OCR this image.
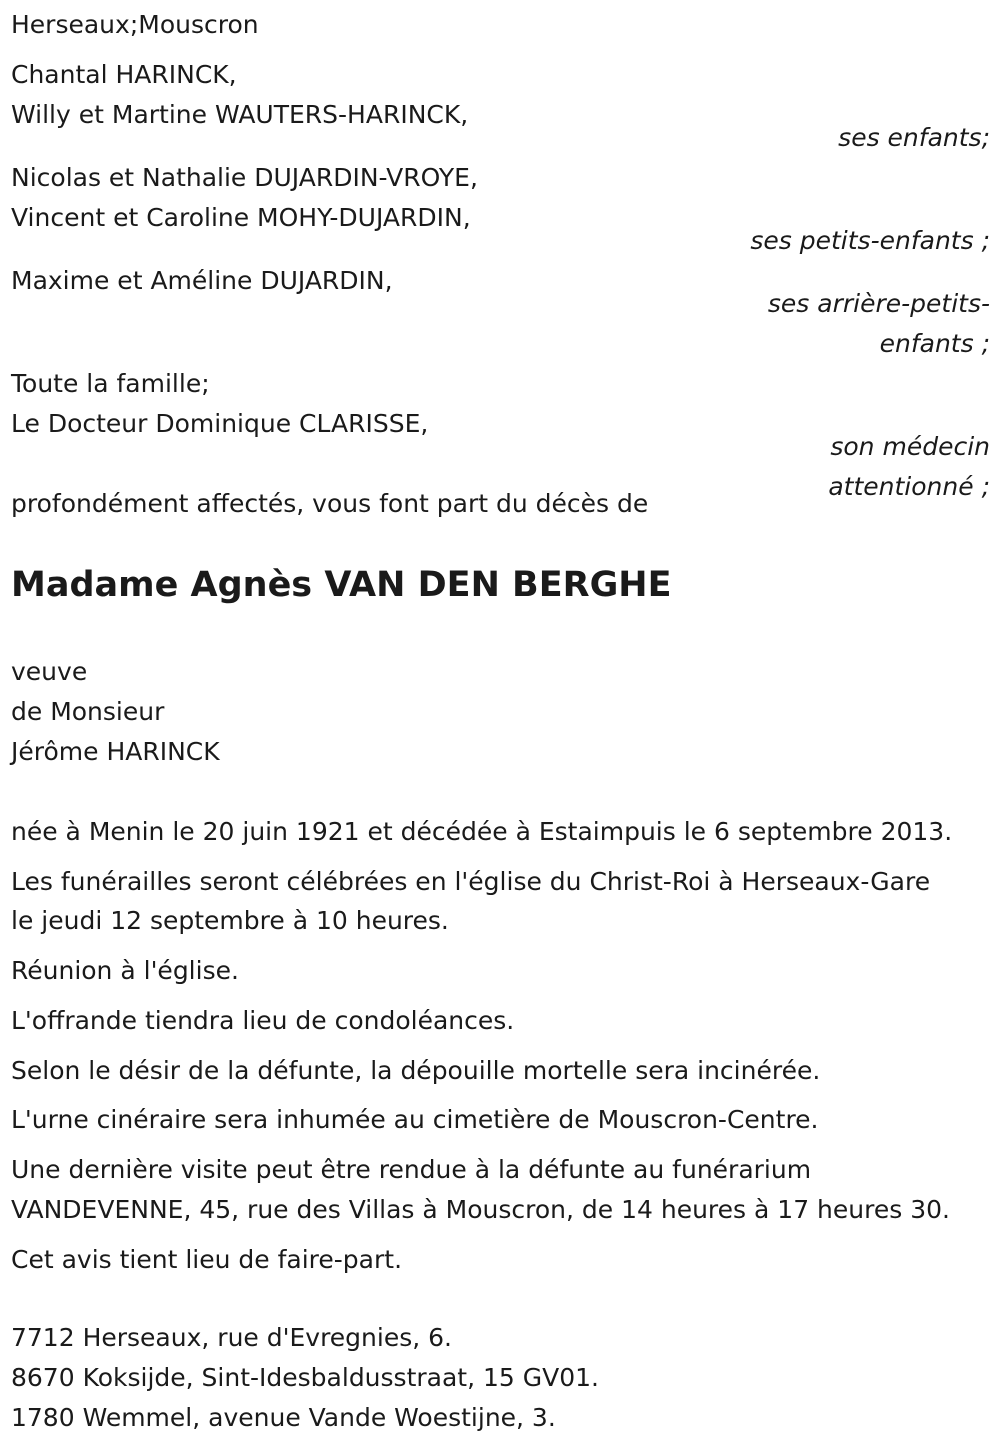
Herseaux;Mouscron
Chantal HARINCK,
Willy et Martine WAUTERS-HARINCK,
ses enfants;
Nicolas et Nathalie DUJARDIN-VROYE,
Vincent et Caroline MOHY-DUJARDIN,
ses petits-enfants ;
Maxime et Améline DUJARDIN,
ses arrière-petits-
enfants ;
Toute la famille;
Le Docteur Dominique CLARISSE,
son médecin
attentionné ;
profondément affectés, vous font part du décès de
Madame Agnès VAN DEN BERGHE
veuve
de Monsieur
Jérôme HARINCK
née à Menin le 20 juin 1921 et décédée à Estaimpuis le 6 septembre 2013.
Les funérailles seront célébrées en l'église du Christ-Roi à Herseaux-Gare
le jeudi 12 septembre à 10 heures.
Réunion à l'église.
L'offrande tiendra lieu de condoléances.
Selon le désir de la défunte, la dépouille mortelle sera incinérée.
L'urne cinéraire sera inhumée au cimetière de Mouscron-Centre.
Une dernière visite peut être rendue à la défunte au funérarium
VANDEVENNE, 45, rue des Villas à Mouscron, de 14 heures à 17 heures 30.
Cet avis tient lieu de faire-part.
7712 Herseaux, rue d'Evregnies, 6.
8670 Koksijde, Sint-Idesbaldusstraat, 15 GV01.
1780 Wemmel, avenue Vande Woestijne, 3.
